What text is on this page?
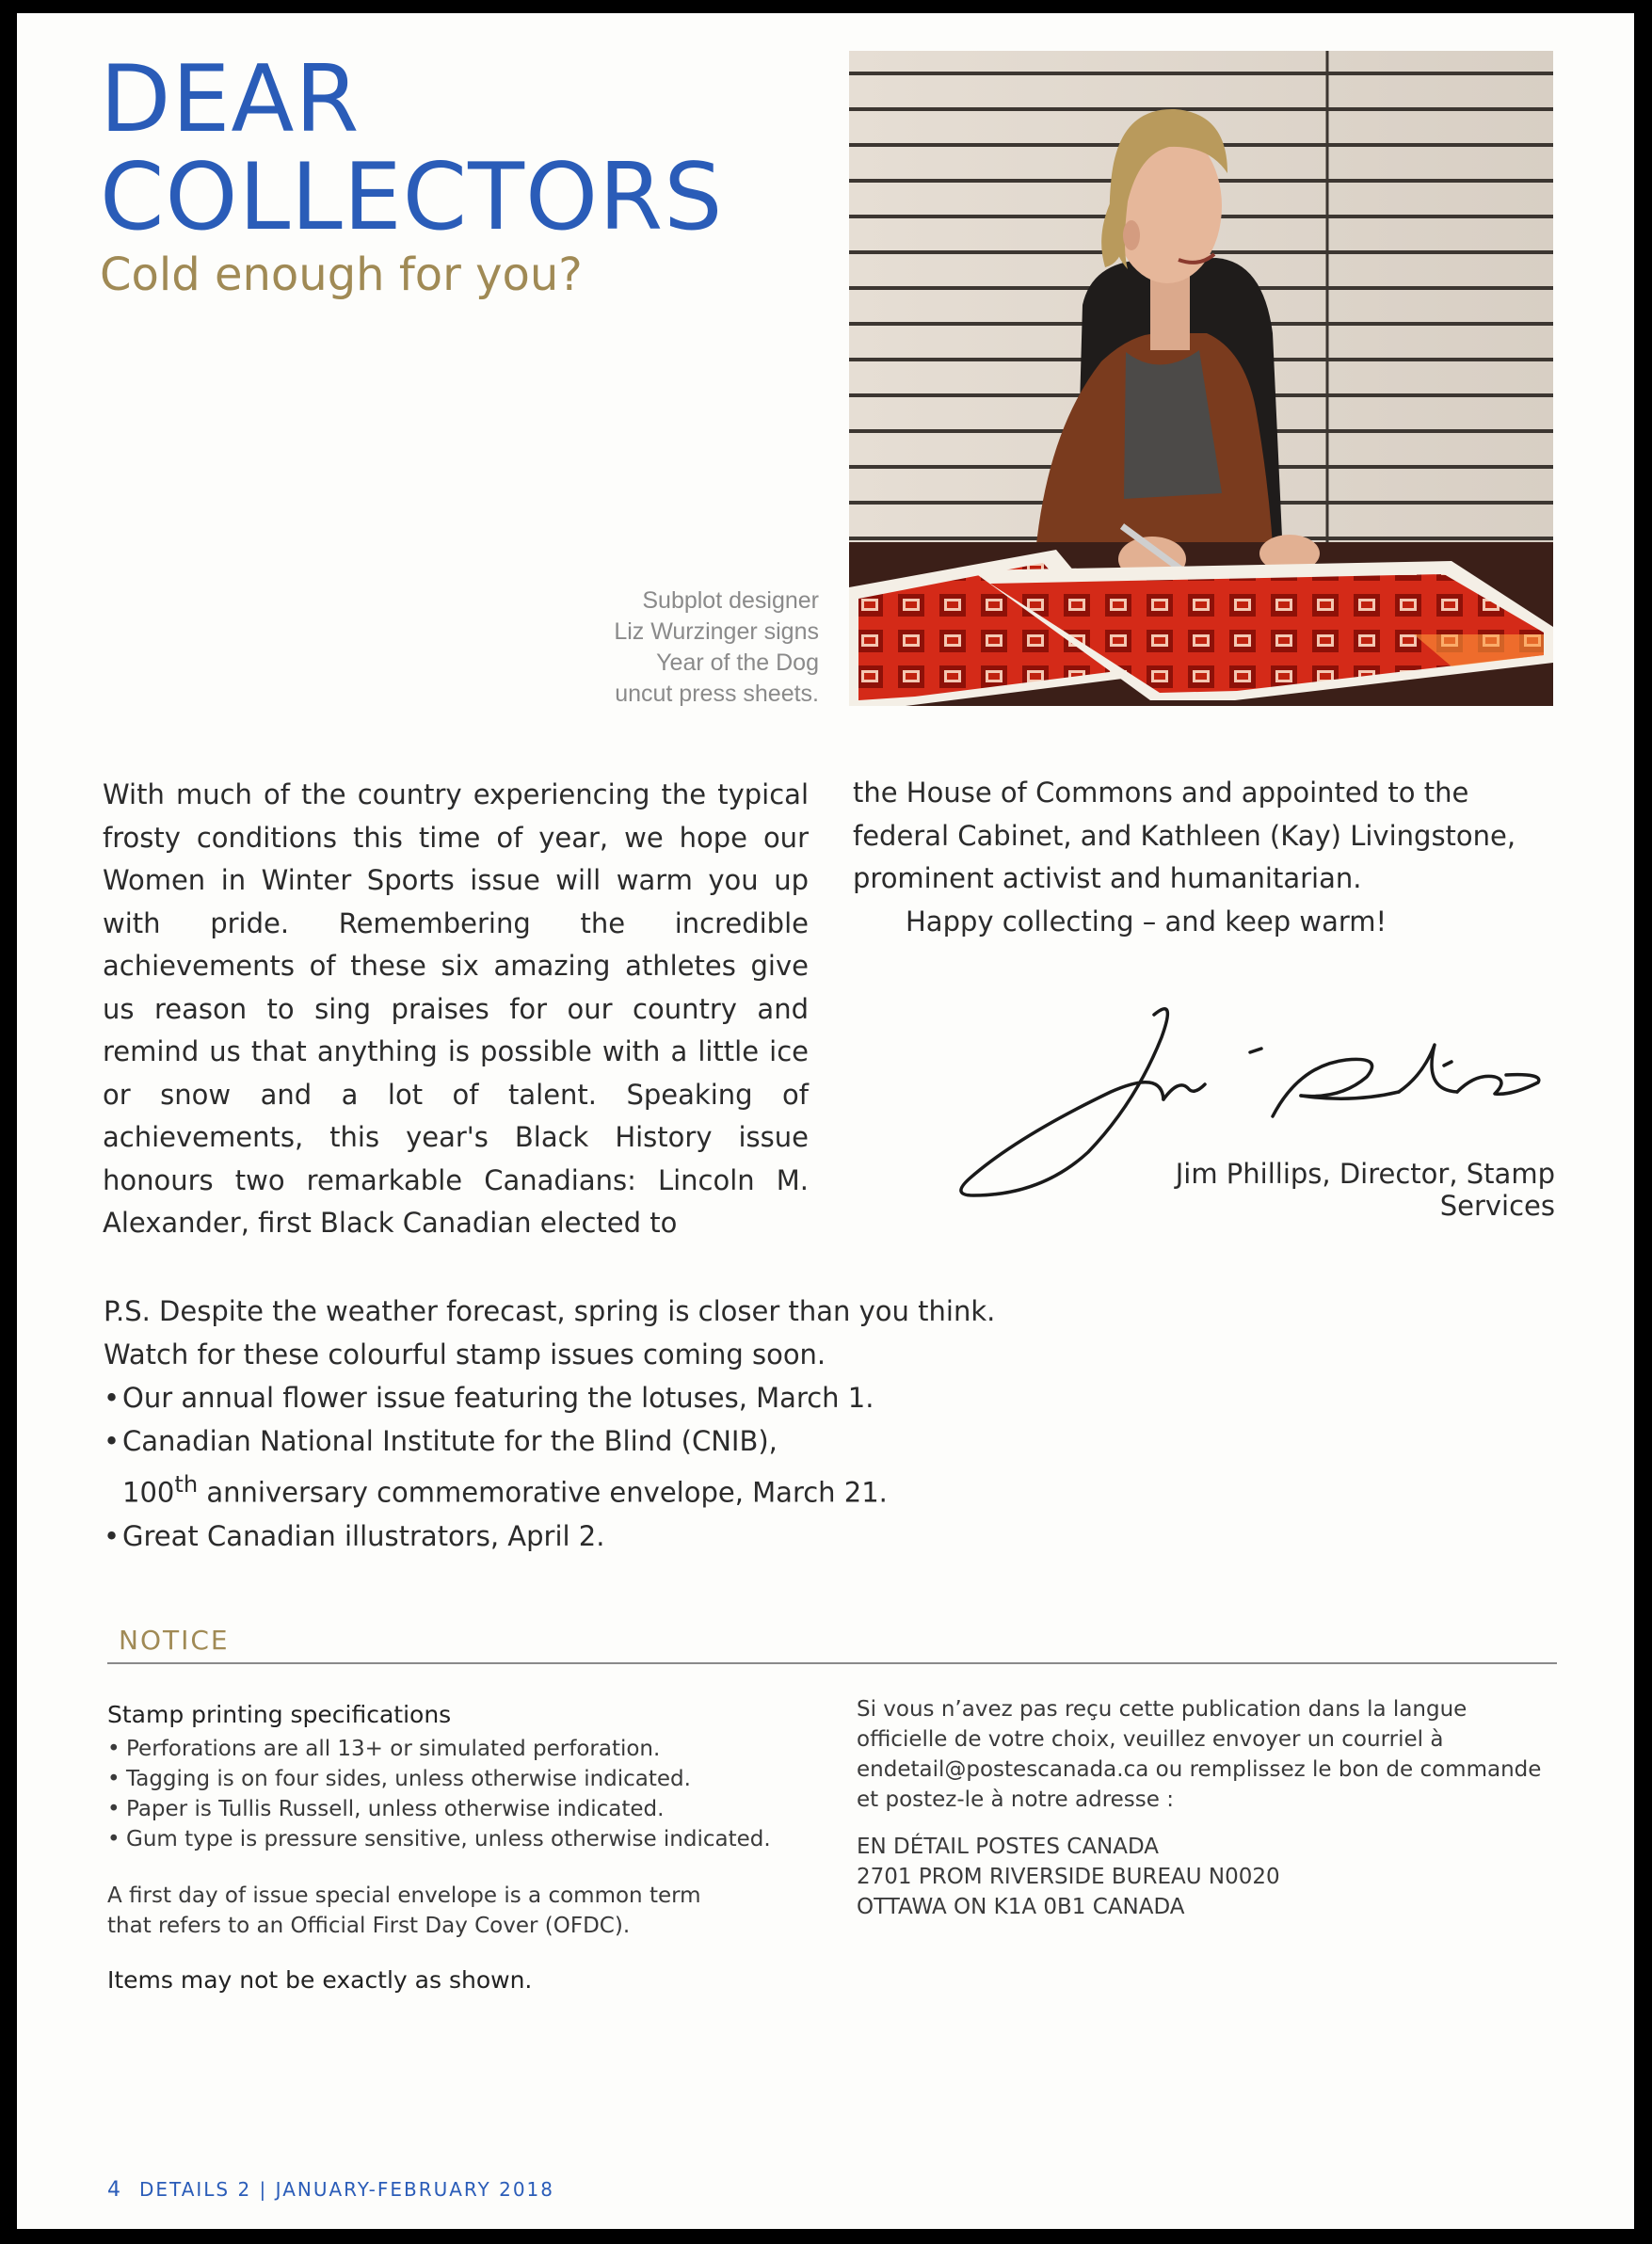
DEAR
COLLECTORS
Cold enough for you?
Subplot designer
Liz Wurzinger signs
Year of the Dog
uncut press sheets.
With much of the country experiencing the typical frosty conditions this time of year, we hope our Women in Winter Sports issue will warm you up with pride. Remembering the incredible achievements of these six amazing athletes give us reason to sing praises for our country and remind us that anything is possible with a little ice or snow and a lot of talent. Speaking of achievements, this year's Black History issue honours two remarkable Canadians: Lincoln M. Alexander, first Black Canadian elected to

the House of Commons and appointed to the federal Cabinet, and Kathleen (Kay) Livingstone, prominent activist and humanitarian.

Happy collecting – and keep warm!

Jim Phillips, Director, Stamp Services

P.S. Despite the weather forecast, spring is closer than you think.

Watch for these colourful stamp issues coming soon.

• Our annual flower issue featuring the lotuses, March 1.
• Canadian National Institute for the Blind (CNIB),
100th anniversary commemorative envelope, March 21.
• Great Canadian illustrators, April 2.
NOTICE
Stamp printing specifications
• Perforations are all 13+ or simulated perforation.
• Tagging is on four sides, unless otherwise indicated.
• Paper is Tullis Russell, unless otherwise indicated.
• Gum type is pressure sensitive, unless otherwise indicated.

A first day of issue special envelope is a common term that refers to an Official First Day Cover (OFDC).

Items may not be exactly as shown.

Si vous n’avez pas reçu cette publication dans la langue officielle de votre choix, veuillez envoyer un courriel à endetail@postescanada.ca ou remplissez le bon de commande et postez-le à notre adresse :

EN DÉTAIL POSTES CANADA
2701 PROM RIVERSIDE BUREAU N0020
OTTAWA ON K1A 0B1 CANADA
4 DETAILS 2 | JANUARY-FEBRUARY 2018
